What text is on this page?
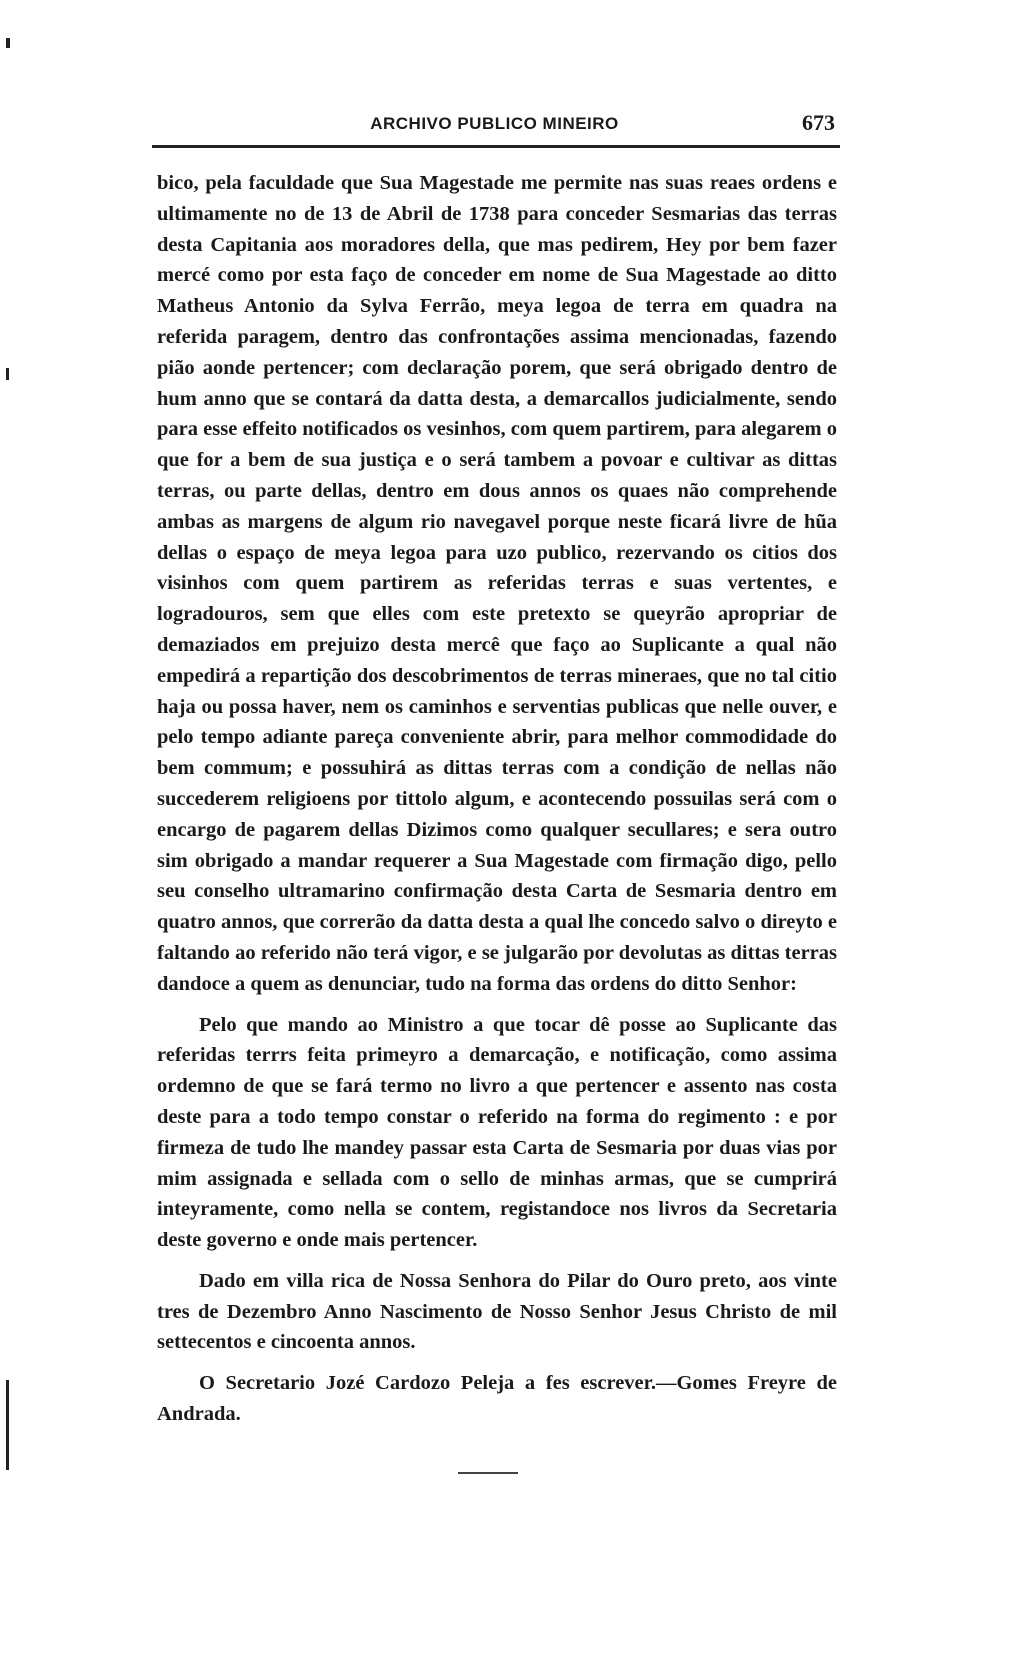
ARCHIVO PUBLICO MINEIRO	673

bico, pela faculdade que Sua Magestade me permite nas suas reaes ordens e ultimamente no de 13 de Abril de 1738 para conceder Sesmarias das terras desta Capitania aos moradores della, que mas pedirem, Hey por bem fazer mercé como por esta faço de conceder em nome de Sua Magestade ao ditto Matheus Antonio da Sylva Ferrão, meya legoa de terra em quadra na referida paragem, dentro das confrontações assima mencionadas, fazendo pião aonde pertencer; com declaração porem, que será obrigado dentro de hum anno que se contará da datta desta, a demarcallos judicialmente, sendo para esse effeito notificados os vesinhos, com quem partirem, para alegarem o que for a bem de sua justiça e o será tambem a povoar e cultivar as dittas terras, ou parte dellas, dentro em dous annos os quaes não comprehende ambas as margens de algum rio navegavel porque neste ficará livre de hũa dellas o espaço de meya legoa para uzo publico, rezervando os citios dos visinhos com quem partirem as referidas terras e suas vertentes, e logradouros, sem que elles com este pretexto se queyrão apropriar de demaziados em prejuizo desta mercê que faço ao Suplicante a qual não empedirá a repartição dos descobrimentos de terras mineraes, que no tal citio haja ou possa haver, nem os caminhos e serventias publicas que nelle ouver, e pelo tempo adiante pareça conveniente abrir, para melhor commodidade do bem commum; e possuhirá as dittas terras com a condição de nellas não succederem religioens por tittolo algum, e acontecendo possuilas será com o encargo de pagarem dellas Dizimos como qualquer secullares; e sera outro sim obrigado a mandar requerer a Sua Magestade com firmação digo, pello seu conselho ultramarino confirmação desta Carta de Sesmaria dentro em quatro annos, que correrão da datta desta a qual lhe concedo salvo o direyto e faltando ao referido não terá vigor, e se julgarão por devolutas as dittas terras dandoce a quem as denunciar, tudo na forma das ordens do ditto Senhor:

Pelo que mando ao Ministro a que tocar dê posse ao Suplicante das referidas terrrs feita primeyro a demarcação, e notificação, como assima ordemno de que se fará termo no livro a que pertencer e assento nas costa deste para a todo tempo constar o referido na forma do regimento : e por firmeza de tudo lhe mandey passar esta Carta de Sesmaria por duas vias por mim assignada e sellada com o sello de minhas armas, que se cumprirá inteyramente, como nella se contem, registandoce nos livros da Secretaria deste governo e onde mais pertencer.

Dado em villa rica de Nossa Senhora do Pilar do Ouro preto, aos vinte tres de Dezembro Anno Nascimento de Nosso Senhor Jesus Christo de mil settecentos e cincoenta annos.

O Secretario Jozé Cardozo Peleja a fes escrever.—Gomes Freyre de Andrada.
